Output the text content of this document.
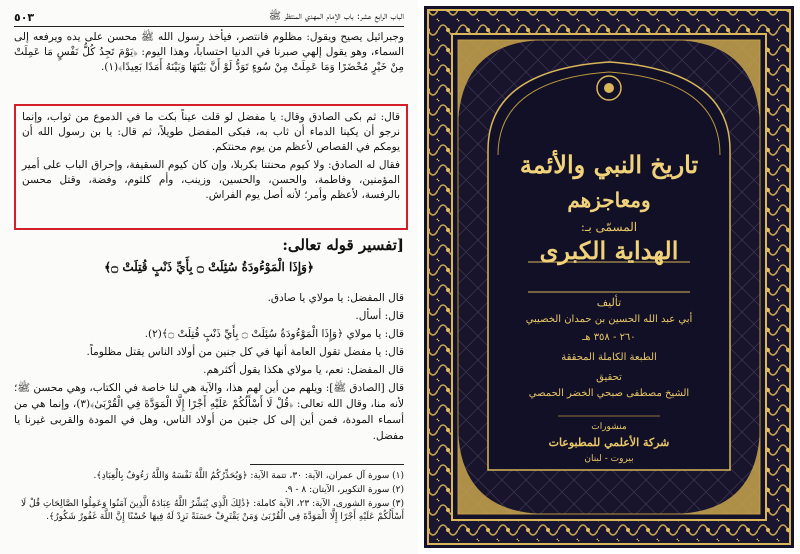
الباب الرابع عشر: باب الإمام المهدي المنتظر ﷺ
٥٠٣
وجبرائيل يصيح ويقول: مظلوم فانتصر، فيأخذ رسول الله ﷺ محسن على يده ويرفعه إلى السماء، وهو يقول إلهي صبرنا في الدنيا احتساباً، وهذا اليوم: ﴿يَوْمَ تَجِدُ كُلُّ نَفْسٍ مَا عَمِلَتْ مِنْ خَيْرٍ مُحْضَرًا وَمَا عَمِلَتْ مِنْ سُوءٍ تَوَدُّ لَوْ أَنَّ بَيْنَهَا وَبَيْنَهُ أَمَدًا بَعِيدًا﴾(١).

قال: ثم بكى الصادق وقال: يا مفضل لو قلت عيناً بكت ما في الدموع من ثواب، وإنما نرجو أن يكينا الدماء أن ثاب به، فبكى المفضل طويلاً، ثم قال: يا بن رسول الله أن يومكم في القصاص لأعظم من يوم محنتكم.

فقال له الصادق: ولا كيوم محنتنا بكربلا، وإن كان كيوم السقيفة، وإحراق الباب على أمير المؤمنين، وفاطمة، والحسن، والحسين، وزينب، وأم كلثوم، وفضة، وقتل محسن بالرفسة، لأعظم وأمر؛ لأنه أصل يوم الفراش.

[تفسير قوله تعالى:
﴿وَإِذَا الْمَوْءُودَةُ سُئِلَتْ ۝ بِأَيِّ ذَنْبٍ قُتِلَتْ ۝﴾

قال المفضل: يا مولاي يا صادق.

قال: أسأل.

قال: يا مولاي ﴿وَإِذَا الْمَوْءُودَةُ سُئِلَتْ ۝ بِأَيِّ ذَنْبٍ قُتِلَتْ ۝﴾(٢).

قال: يا مفضل تقول العامة أنها في كل جنين من أولاد الناس يقتل مظلوماً.

قال المفضل: نعم، يا مولاي هكذا يقول أكثرهم.

قال [الصادق ﷺ]: ويلهم من أين لهم هذا، والآية هي لنا خاصة في الكتاب، وهي محسن ﷺ؛ لأنه منا، وقال الله تعالى: ﴿قُلْ لَا أَسْأَلُكُمْ عَلَيْهِ أَجْرًا إِلَّا الْمَوَدَّةَ فِي الْقُرْبَىٰ﴾(٣)، وإنما هي من أسماء المودة، فمن أين إلى كل جنين من أولاد الناس، وهل في المودة والقربى غيرنا يا مفضل.

(١) سورة آل عمران، الآية: ٣٠، تتمة الآية: ﴿وَيُحَذِّرُكُمُ اللَّهُ نَفْسَهُ وَاللَّهُ رَءُوفٌ بِالْعِبَادِ﴾.

(٢) سورة التكوير، الآيتان: ٨ - ٩.

(٣) سورة الشورى، الآية: ٢٣، الآية كاملة: ﴿ذَٰلِكَ الَّذِي يُبَشِّرُ اللَّهُ عِبَادَهُ الَّذِينَ آمَنُوا وَعَمِلُوا الصَّالِحَاتِ قُلْ لَا أَسْأَلُكُمْ عَلَيْهِ أَجْرًا إِلَّا الْمَوَدَّةَ فِي الْقُرْبَىٰ وَمَنْ يَقْتَرِفْ حَسَنَةً نَزِدْ لَهُ فِيهَا حُسْنًا إِنَّ اللَّهَ غَفُورٌ شَكُورٌ﴾.

تاريخ النبي والأئمة
ومعاجزهم
المسمّى بـ:
الهداية الكبرى
تأليف
أبي عبد الله الحسين بن حمدان الخصيبي
٢٦٠ - ٣٥٨ هـ
الطبعة الكاملة المحققة
تحقيق
الشيخ مصطفى صبحي الخضر الحمصي
منشورات
شركة الأعلمي للمطبوعات
بيروت - لبنان
